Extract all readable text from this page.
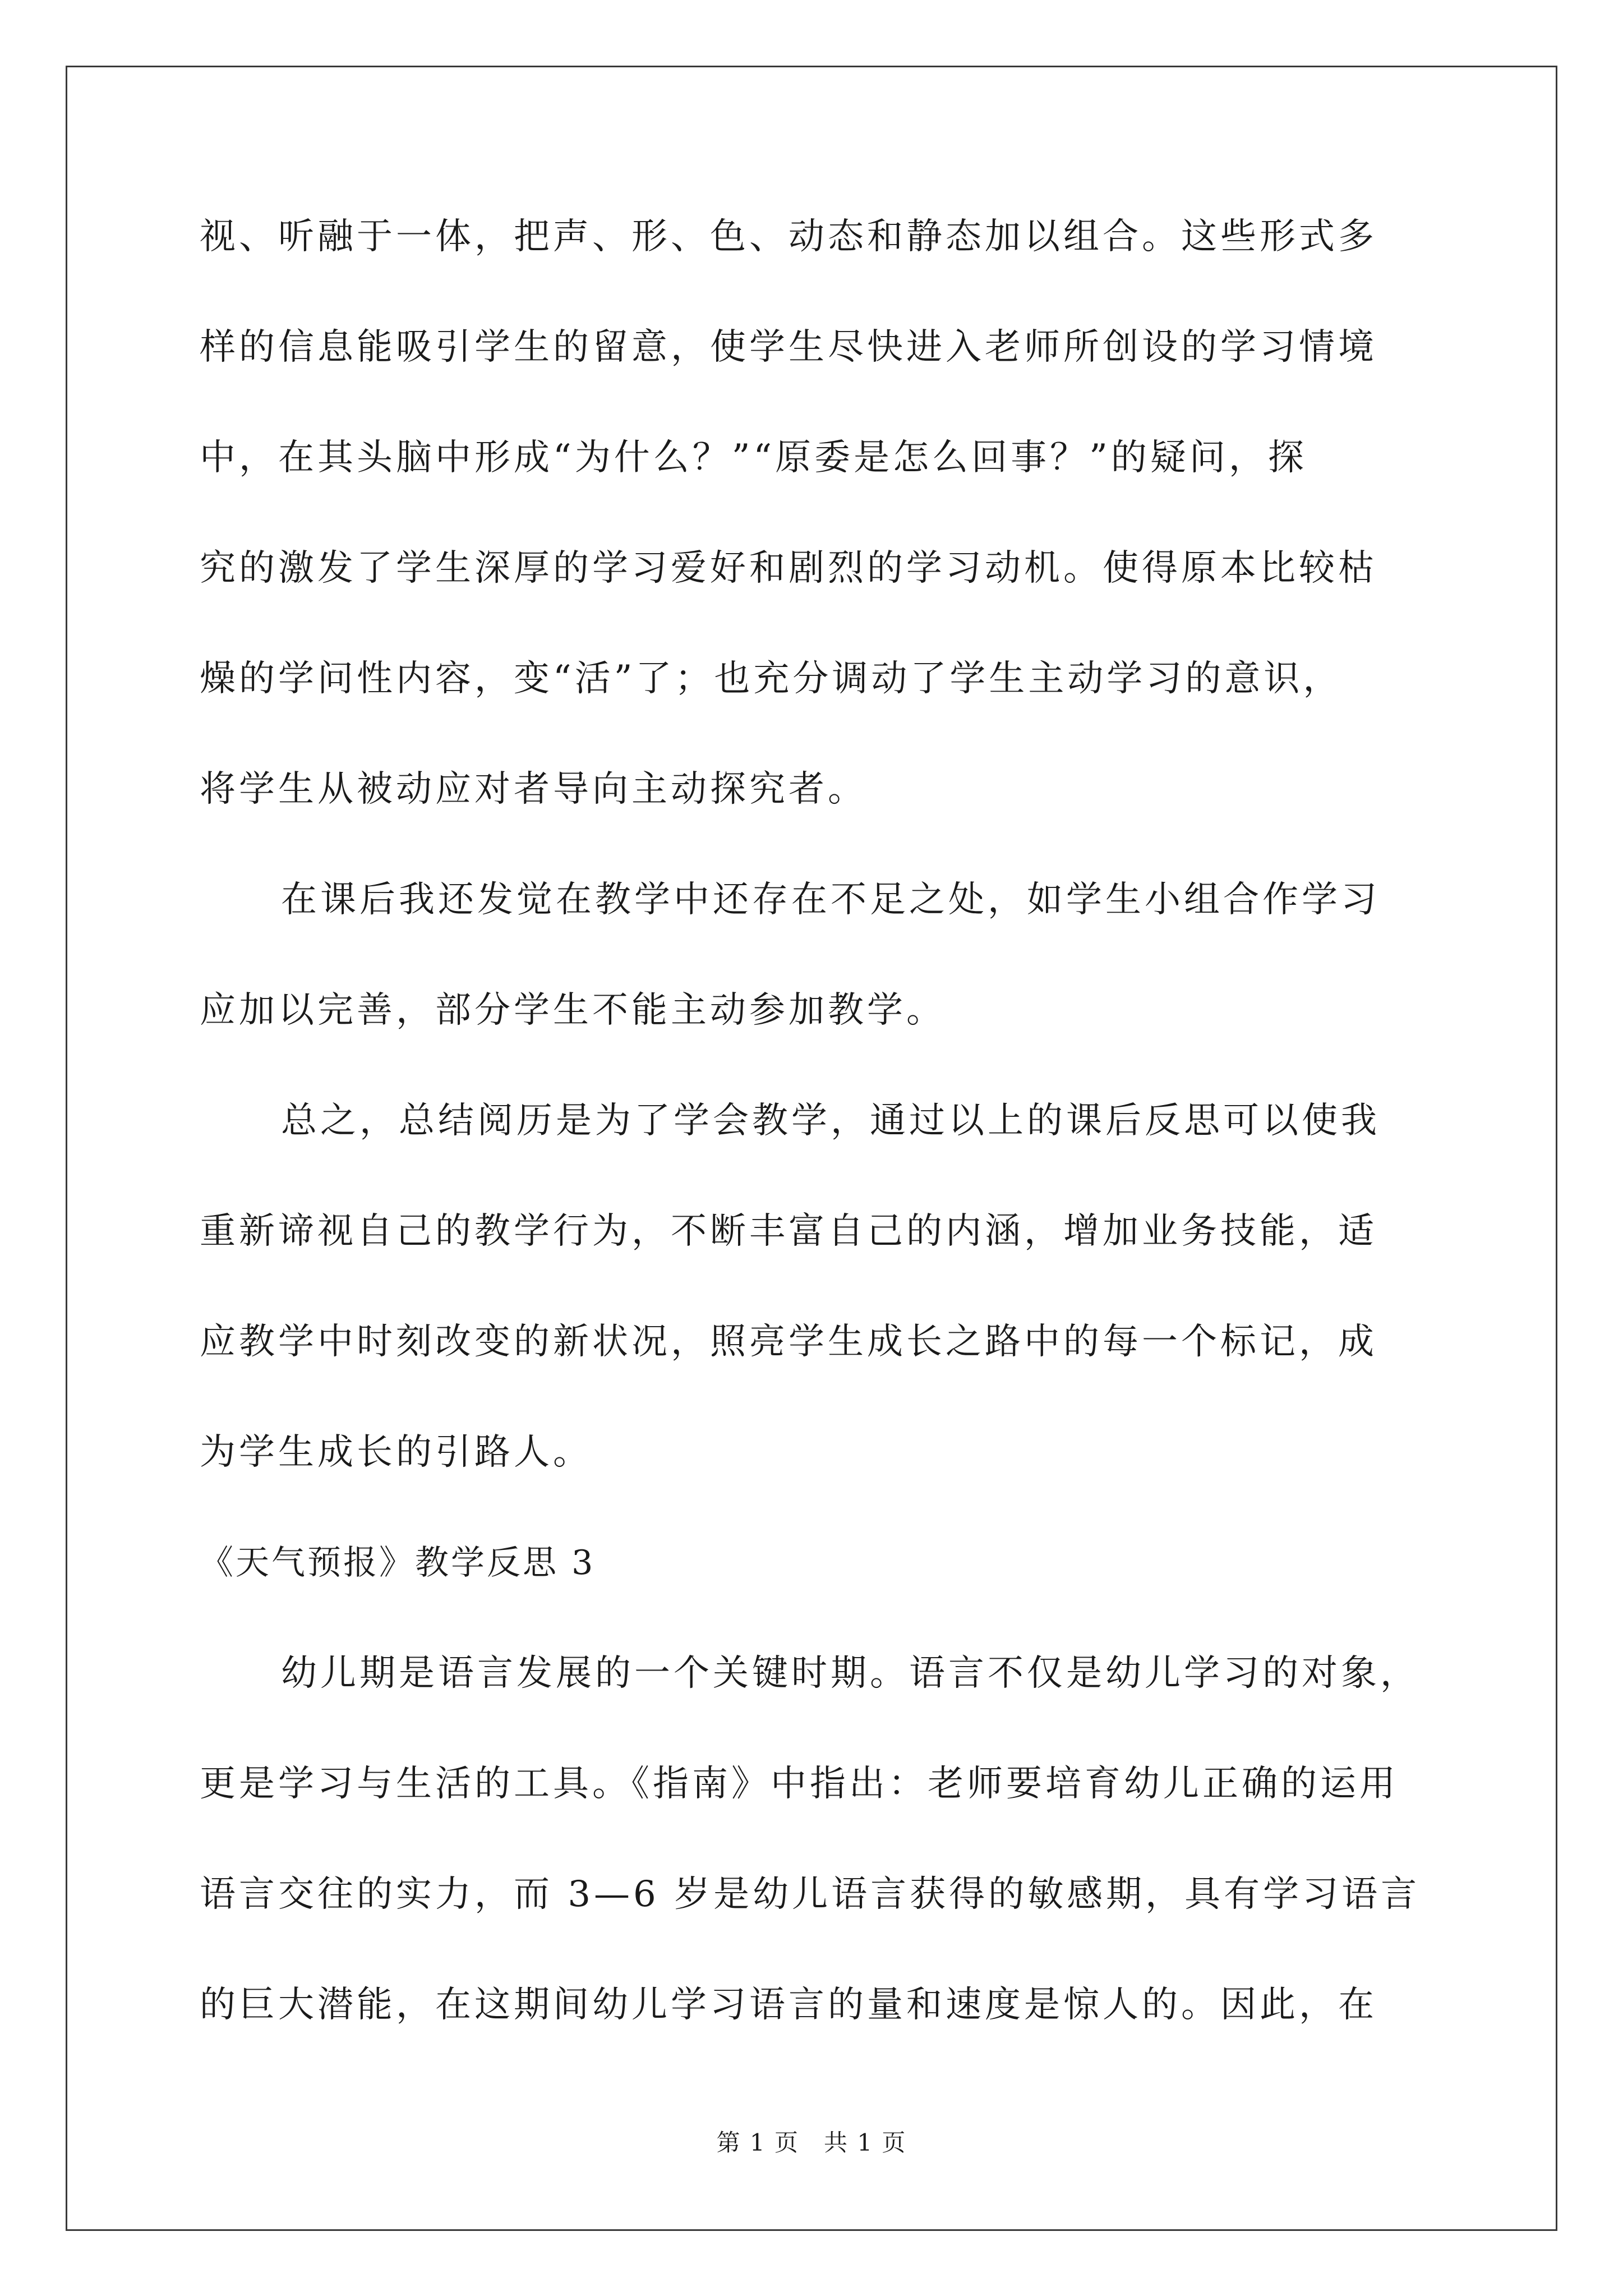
视、听融于一体，把声、形、色、动态和静态加以组合。这些形式多
样的信息能吸引学生的留意，使学生尽快进入老师所创设的学习情境
中，在其头脑中形成“为什么？”“原委是怎么回事？”的疑问，探
究的激发了学生深厚的学习爱好和剧烈的学习动机。使得原本比较枯
燥的学问性内容，变“活”了；也充分调动了学生主动学习的意识，
将学生从被动应对者导向主动探究者。
在课后我还发觉在教学中还存在不足之处，如学生小组合作学习
应加以完善，部分学生不能主动参加教学。
总之，总结阅历是为了学会教学，通过以上的课后反思可以使我
重新谛视自己的教学行为，不断丰富自己的内涵，增加业务技能，适
应教学中时刻改变的新状况，照亮学生成长之路中的每一个标记，成
为学生成长的引路人。
《天气预报》教学反思 3
幼儿期是语言发展的一个关键时期。语言不仅是幼儿学习的对象，
更是学习与生活的工具。《指南》中指出：老师要培育幼儿正确的运用
语言交往的实力，而 3—6 岁是幼儿语言获得的敏感期，具有学习语言
的巨大潜能，在这期间幼儿学习语言的量和速度是惊人的。因此，在
第 1 页　共 1 页
